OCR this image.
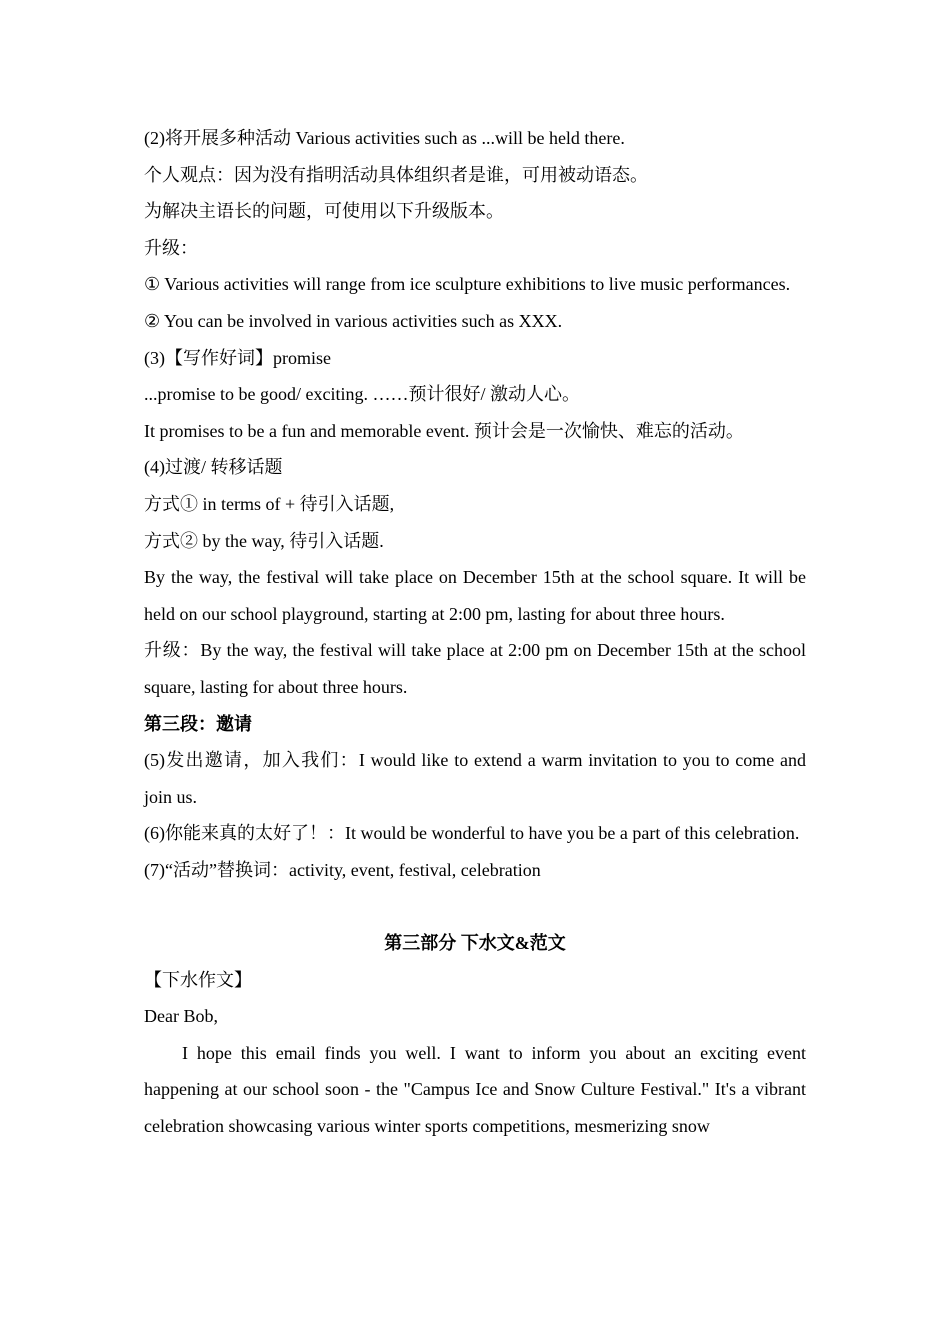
(2)将开展多种活动 Various activities such as ...will be held there.
个人观点：因为没有指明活动具体组织者是谁，可用被动语态。
为解决主语长的问题，可使用以下升级版本。
升级：
① Various activities will range from ice sculpture exhibitions to live music performances.
② You can be involved in various activities such as XXX.
(3)【写作好词】promise
...promise to be good/ exciting. ……预计很好/ 激动人心。
It promises to be a fun and memorable event. 预计会是一次愉快、难忘的活动。
(4)过渡/ 转移话题
方式① in terms of + 待引入话题,
方式② by the way, 待引入话题.
By the way, the festival will take place on December 15th at the school square. It will be held on our school playground, starting at 2:00 pm, lasting for about three hours.
升级：By the way, the festival will take place at 2:00 pm on December 15th at the school square, lasting for about three hours.
第三段：邀请
(5)发出邀请，加入我们：I would like to extend a warm invitation to you to come and join us.
(6)你能来真的太好了！：It would be wonderful to have you be a part of this celebration.
(7)“活动”替换词：activity, event, festival, celebration
第三部分 下水文&范文
【下水作文】
Dear Bob,
I hope this email finds you well. I want to inform you about an exciting event happening at our school soon - the "Campus Ice and Snow Culture Festival." It's a vibrant celebration showcasing various winter sports competitions, mesmerizing snow
